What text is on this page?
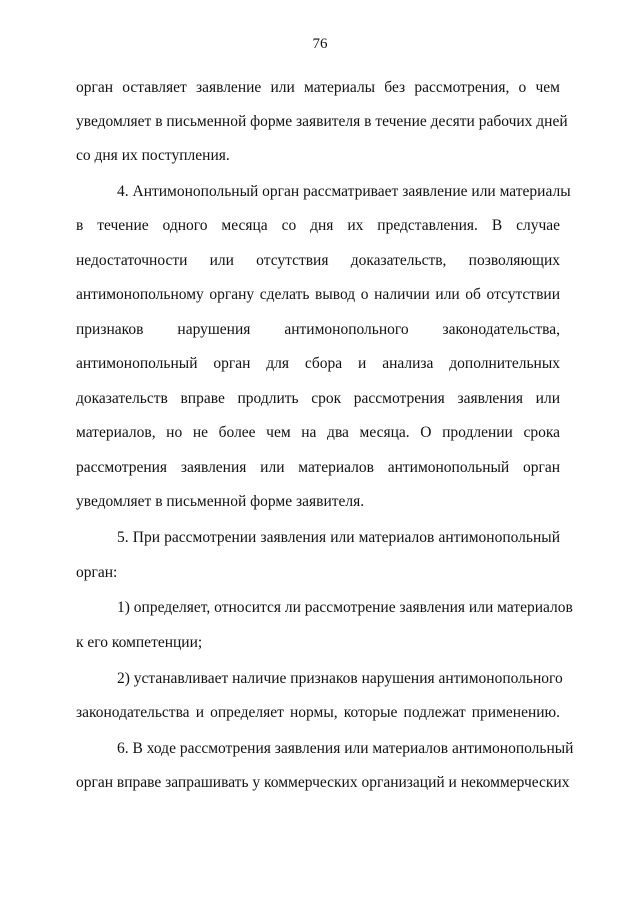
76
орган оставляет заявление или материалы без рассмотрения, о чем
уведомляет в письменной форме заявителя в течение десяти рабочих дней
со дня их поступления.
4. Антимонопольный орган рассматривает заявление или материалы
в течение одного месяца со дня их представления. В случае
недостаточности или отсутствия доказательств, позволяющих
антимонопольному органу сделать вывод о наличии или об отсутствии
признаков нарушения антимонопольного законодательства,
антимонопольный орган для сбора и анализа дополнительных
доказательств вправе продлить срок рассмотрения заявления или
материалов, но не более чем на два месяца. О продлении срока
рассмотрения заявления или материалов антимонопольный орган
уведомляет в письменной форме заявителя.
5. При рассмотрении заявления или материалов антимонопольный
орган:
1) определяет, относится ли рассмотрение заявления или материалов
к его компетенции;
2) устанавливает наличие признаков нарушения антимонопольного
законодательства и определяет нормы, которые подлежат применению.
6. В ходе рассмотрения заявления или материалов антимонопольный
орган вправе запрашивать у коммерческих организаций и некоммерческих
